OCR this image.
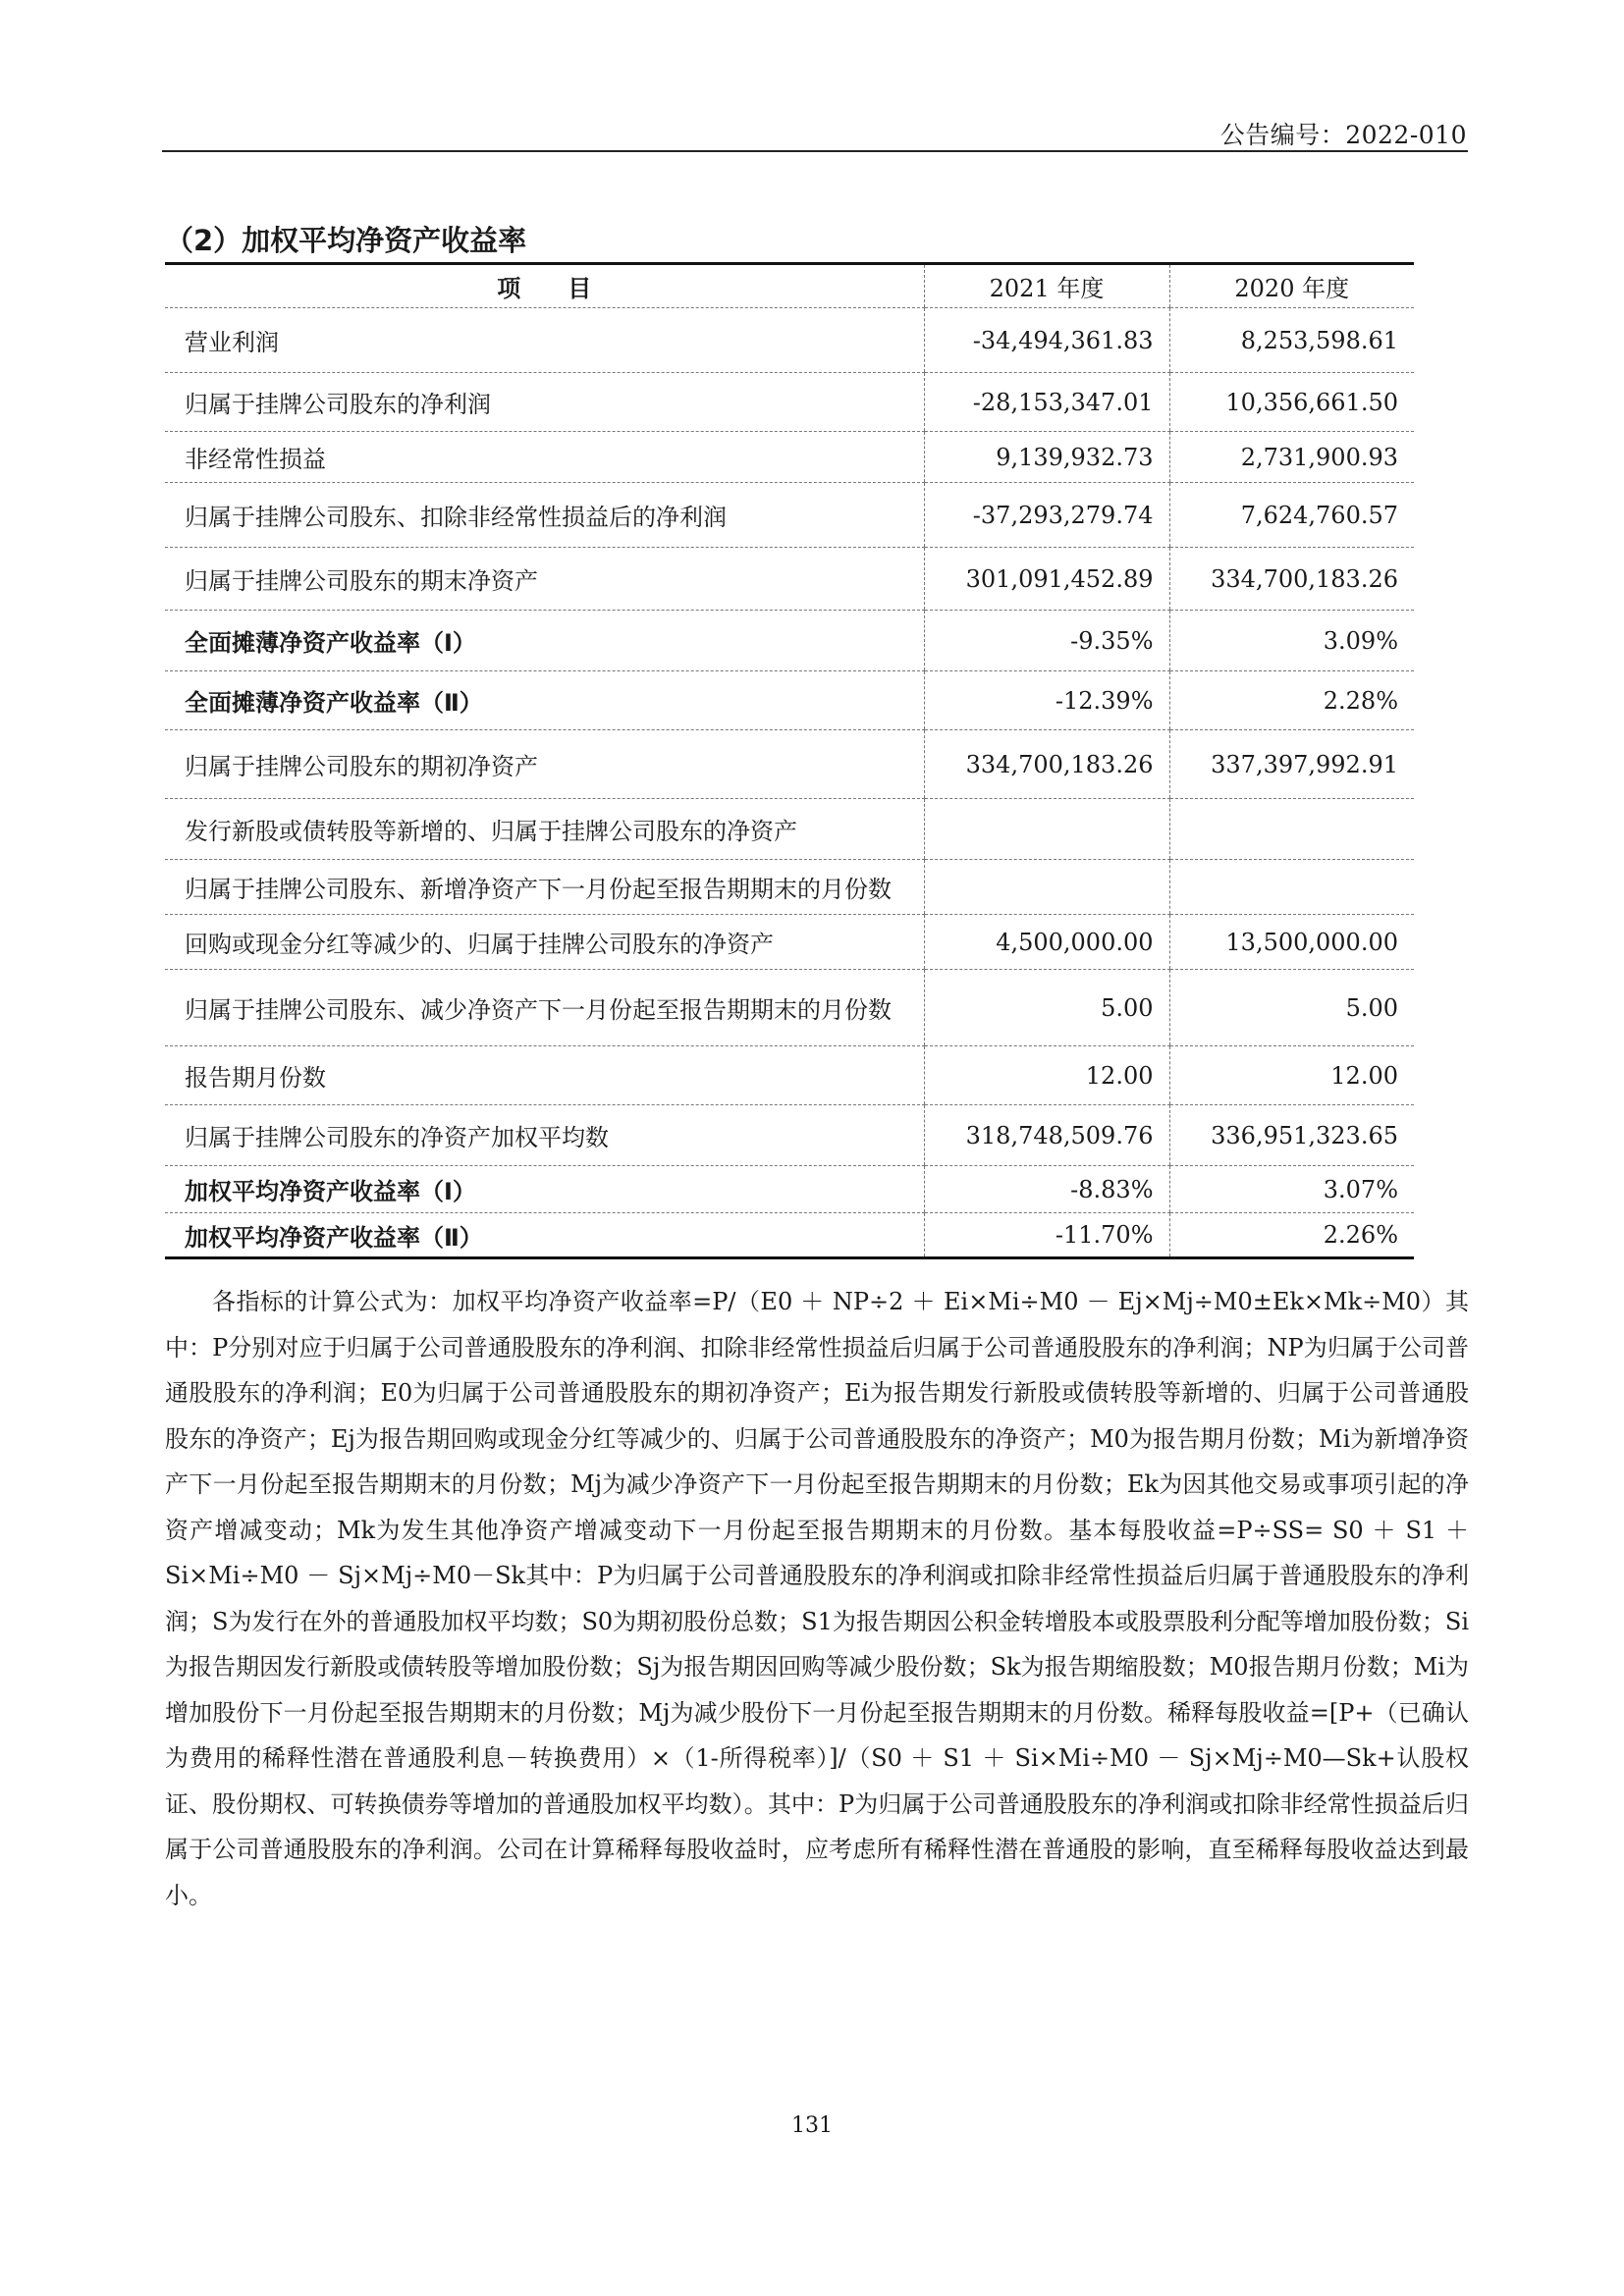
公告编号：2022-010
（2）加权平均净资产收益率
项　　目	2021 年度	2020 年度
营业利润	-34,494,361.83	8,253,598.61
归属于挂牌公司股东的净利润	-28,153,347.01	10,356,661.50
非经常性损益	9,139,932.73	2,731,900.93
归属于挂牌公司股东、扣除非经常性损益后的净利润	-37,293,279.74	7,624,760.57
归属于挂牌公司股东的期末净资产	301,091,452.89	334,700,183.26
全面摊薄净资产收益率（Ⅰ）	-9.35%	3.09%
全面摊薄净资产收益率（Ⅱ）	-12.39%	2.28%
归属于挂牌公司股东的期初净资产	334,700,183.26	337,397,992.91
发行新股或债转股等新增的、归属于挂牌公司股东的净资产		
归属于挂牌公司股东、新增净资产下一月份起至报告期期末的月份数		
回购或现金分红等减少的、归属于挂牌公司股东的净资产	4,500,000.00	13,500,000.00
归属于挂牌公司股东、减少净资产下一月份起至报告期期末的月份数	5.00	5.00
报告期月份数	12.00	12.00
归属于挂牌公司股东的净资产加权平均数	318,748,509.76	336,951,323.65
加权平均净资产收益率（Ⅰ）	-8.83%	3.07%
加权平均净资产收益率（Ⅱ）	-11.70%	2.26%

各指标的计算公式为：加权平均净资产收益率=P/（E0 ＋ NP÷2 ＋ Ei×Mi÷M0 － Ej×Mj÷M0±Ek×Mk÷M0）其中：P分别对应于归属于公司普通股股东的净利润、扣除非经常性损益后归属于公司普通股股东的净利润；NP为归属于公司普通股股东的净利润；E0为归属于公司普通股股东的期初净资产；Ei为报告期发行新股或债转股等新增的、归属于公司普通股股东的净资产；Ej为报告期回购或现金分红等减少的、归属于公司普通股股东的净资产；M0为报告期月份数；Mi为新增净资产下一月份起至报告期期末的月份数；Mj为减少净资产下一月份起至报告期期末的月份数；Ek为因其他交易或事项引起的净资产增减变动；Mk为发生其他净资产增减变动下一月份起至报告期期末的月份数。基本每股收益=P÷SS= S0 ＋ S1 ＋ Si×Mi÷M0 － Sj×Mj÷M0－Sk其中：P为归属于公司普通股股东的净利润或扣除非经常性损益后归属于普通股股东的净利润；S为发行在外的普通股加权平均数；S0为期初股份总数；S1为报告期因公积金转增股本或股票股利分配等增加股份数；Si为报告期因发行新股或债转股等增加股份数；Sj为报告期因回购等减少股份数；Sk为报告期缩股数；M0报告期月份数；Mi为增加股份下一月份起至报告期期末的月份数；Mj为减少股份下一月份起至报告期期末的月份数。稀释每股收益=[P+（已确认为费用的稀释性潜在普通股利息－转换费用）×（1-所得税率）]/（S0 ＋ S1 ＋ Si×Mi÷M0 － Sj×Mj÷M0—Sk+认股权证、股份期权、可转换债券等增加的普通股加权平均数）。其中：P为归属于公司普通股股东的净利润或扣除非经常性损益后归属于公司普通股股东的净利润。公司在计算稀释每股收益时，应考虑所有稀释性潜在普通股的影响，直至稀释每股收益达到最小。

131
